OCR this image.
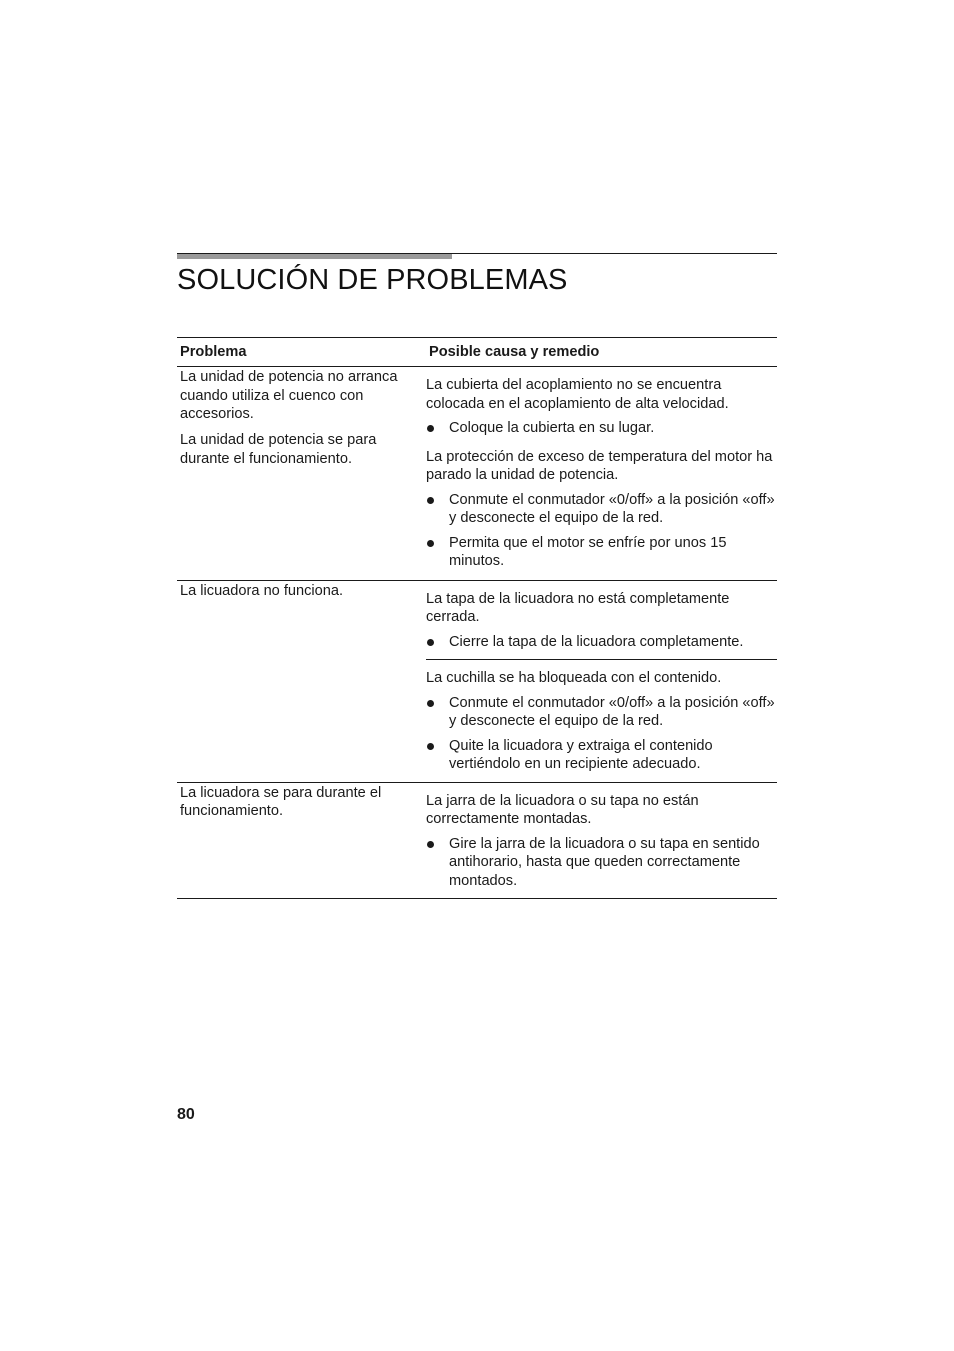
SOLUCIÓN DE PROBLEMAS
Problema	Posible causa y remedio
La unidad de potencia no arranca cuando utiliza el cuenco con accesorios.
La unidad de potencia se para durante el funcionamiento.

La cubierta del acoplamiento no se encuentra colocada en el acoplamiento de alta velocidad.

Coloque la cubierta en su lugar.

La protección de exceso de temperatura del motor ha parado la unidad de potencia.

Conmute el conmutador «0/off» a la posición «off» y desconecte el equipo de la red.
Permita que el motor se enfríe por unos 15 minutos.
La licuadora no funciona.	La tapa de la licuadora no está completamente cerrada.

Cierre la tapa de la licuadora completamente.

La cuchilla se ha bloqueada con el contenido.

Conmute el conmutador «0/off» a la posición «off» y desconecte el equipo de la red.
Quite la licuadora y extraiga el contenido vertiéndolo en un recipiente adecuado.
La licuadora se para durante el funcionamiento.

La jarra de la licuadora o su tapa no están correctamente montadas.

Gire la jarra de la licuadora o su tapa en sentido antihorario, hasta que queden correctamente montados.
80
